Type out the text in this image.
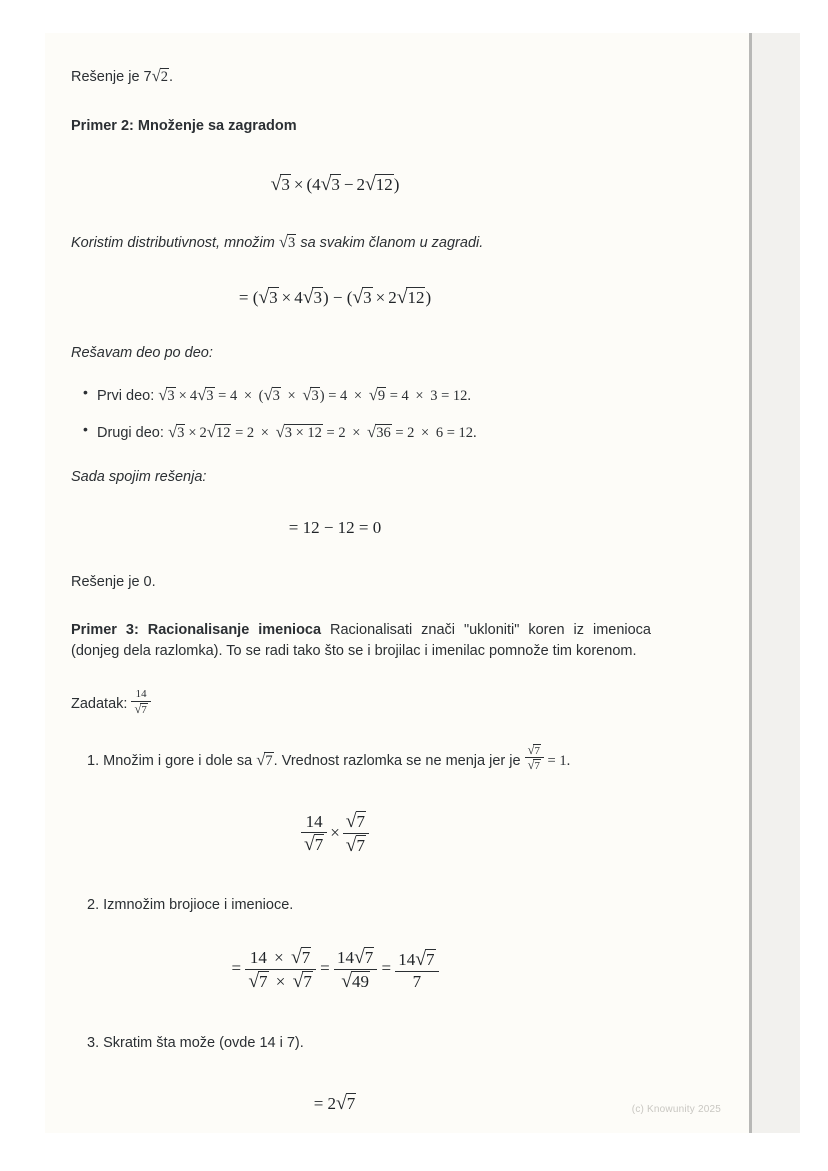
Rešenje je 7√2.

Primer 2: Množenje sa zagradom

√3 × (4√3 − 2√12)

Koristim distributivnost, množim √3 sa svakim članom u zagradi.

= (√3 × 4√3) − (√3 × 2√12)

Rešavam deo po deo:

• Prvi deo: √3 × 4√3 = 4 × (√3 × √3) = 4 × √9 = 4 × 3 = 12.
• Drugi deo: √3 × 2√12 = 2 × √3 × 12 = 2 × √36 = 2 × 6 = 12.

Sada spojim rešenja:

= 12 − 12 = 0

Rešenje je 0.

Primer 3: Racionalisanje imenioca Racionalisati znači "ukloniti" koren iz imenioca (donjeg dela razlomka). To se radi tako što se i brojilac i imenilac pomnože tim korenom.

Zadatak: $\frac{14}{√7}$

1. Množim i gore i dole sa √7. Vrednost razlomka se ne menja jer je $\frac{√7}{√7} = 1$.

$\frac{14}{√7} \times \frac{√7}{√7}$

2. Izmnožim brojioce i imenioce.

= $\frac{14 \times √7}{√7 \times √7} = \frac{14√7}{√49} = \frac{14√7}{7}$

3. Skratim šta može (ovde 14 i 7).

= 2√7	(c) Knowunity 2025
